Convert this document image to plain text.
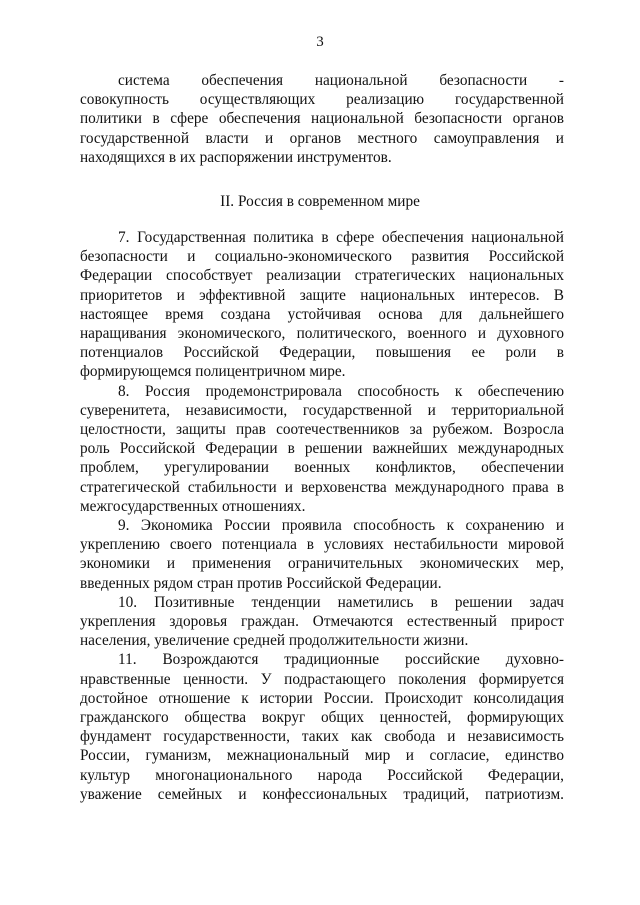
3
система обеспечения национальной безопасности -
совокупность осуществляющих реализацию государственной
политики в сфере обеспечения национальной безопасности органов
государственной власти и органов местного самоуправления и
находящихся в их распоряжении инструментов.
II. Россия в современном мире
7. Государственная политика в сфере обеспечения национальной
безопасности и социально-экономического развития Российской
Федерации способствует реализации стратегических национальных
приоритетов и эффективной защите национальных интересов. В
настоящее время создана устойчивая основа для дальнейшего
наращивания экономического, политического, военного и духовного
потенциалов Российской Федерации, повышения ее роли в
формирующемся полицентричном мире.
8. Россия продемонстрировала способность к обеспечению
суверенитета, независимости, государственной и территориальной
целостности, защиты прав соотечественников за рубежом. Возросла
роль Российской Федерации в решении важнейших международных
проблем, урегулировании военных конфликтов, обеспечении
стратегической стабильности и верховенства международного права в
межгосударственных отношениях.
9. Экономика России проявила способность к сохранению и
укреплению своего потенциала в условиях нестабильности мировой
экономики и применения ограничительных экономических мер,
введенных рядом стран против Российской Федерации.
10. Позитивные тенденции наметились в решении задач
укрепления здоровья граждан. Отмечаются естественный прирост
населения, увеличение средней продолжительности жизни.
11. Возрождаются традиционные российские духовно-
нравственные ценности. У подрастающего поколения формируется
достойное отношение к истории России. Происходит консолидация
гражданского общества вокруг общих ценностей, формирующих
фундамент государственности, таких как свобода и независимость
России, гуманизм, межнациональный мир и согласие, единство
культур многонационального народа Российской Федерации,
уважение семейных и конфессиональных традиций, патриотизм.
